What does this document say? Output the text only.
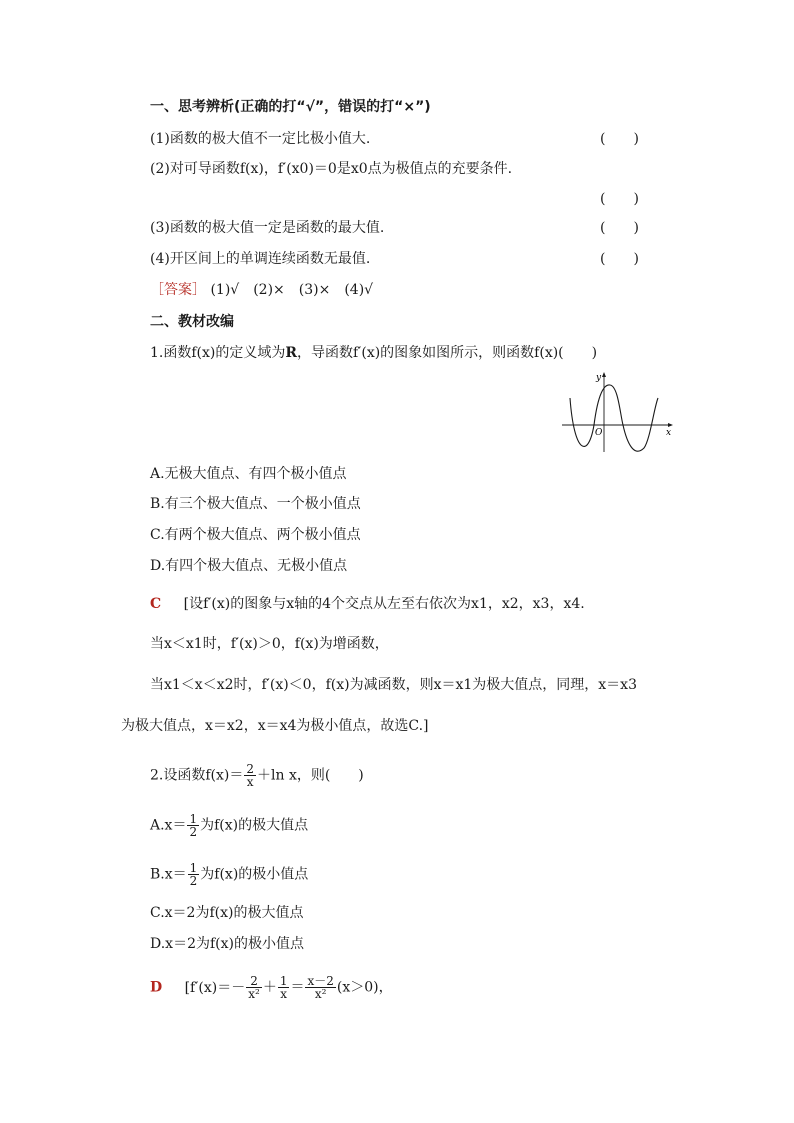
一、思考辨析(正确的打“√”，错误的打“×”)
(1)函数的极大值不一定比极小值大.	(　　)
(2)对可导函数f(x)，f′(x0)＝0是x0点为极值点的充要条件.
(　　)
(3)函数的极大值一定是函数的最大值.	(　　)
(4)开区间上的单调连续函数无最值.	(　　)
［答案］ (1)√　(2)×　(3)×　(4)√
二、教材改编
1.函数f(x)的定义域为R，导函数f′(x)的图象如图所示，则函数f(x)(　　)
y
x
O
A.无极大值点、有四个极小值点
B.有三个极大值点、一个极小值点
C.有两个极大值点、两个极小值点
D.有四个极大值点、无极小值点
C [设f′(x)的图象与x轴的4个交点从左至右依次为x1，x2，x3，x4.
当x＜x1时，f′(x)＞0，f(x)为增函数，
当x1＜x＜x2时，f′(x)＜0，f(x)为减函数，则x＝x1为极大值点，同理，x＝x3
为极大值点，x＝x2，x＝x4为极小值点，故选C.]
2.设函数$f(x)= \frac{2}{x} +\ln$ x，则(　　)
$A.x= \frac{1}{2}$ 为f(x)的极大值点
$B.x= \frac{1}{2}$ 为f(x)的极小值点
C.x＝2为f(x)的极大值点
D.x＝2为f(x)的极小值点
D [$f'(x)=- \frac{2}{\text{x²}} + \frac{1}{x} = \frac{x-2}{\text{x²}} (x>0)$，
